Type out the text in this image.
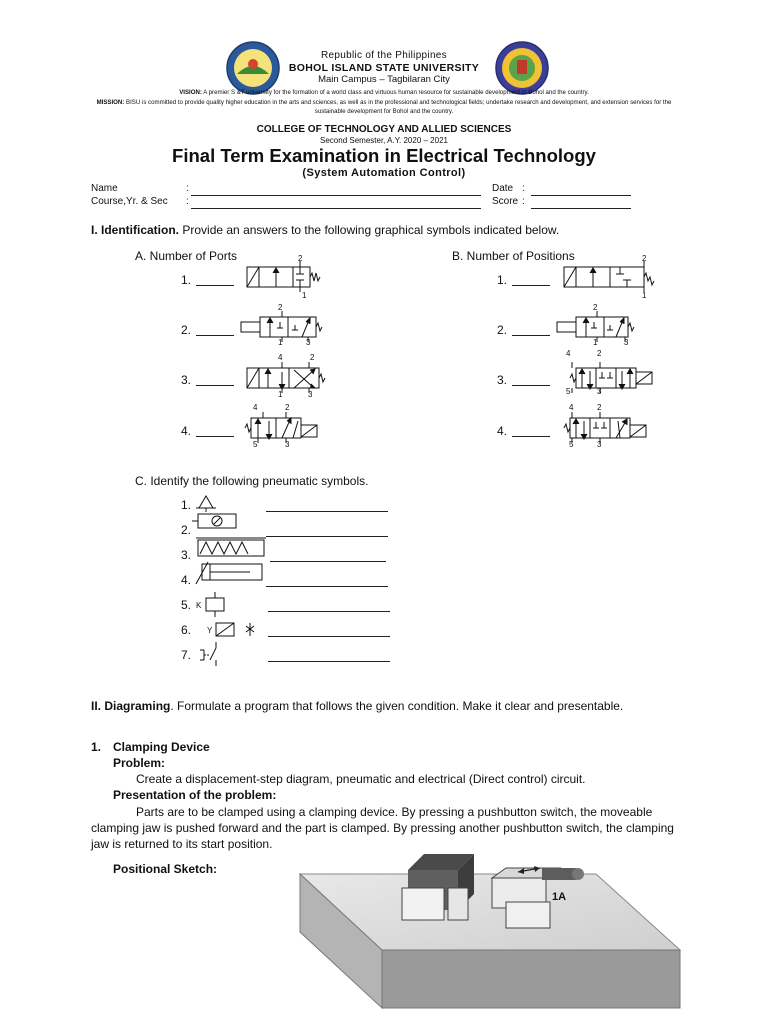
Republic of the Philippines
BOHOL ISLAND STATE UNIVERSITY
Main Campus – Tagbilaran City
VISION: A premier S &T university for the formation of a world class and virtuous human resource for sustainable development in Bohol and the country.
MISSION: BISU is committed to provide quality higher education in the arts and sciences, as well as in the professional and technological fields; undertake research and development, and extension services for the sustainable development for Bohol and the country.
COLLEGE OF TECHNOLOGY AND ALLIED SCIENCES
Second Semester, A.Y. 2020 – 2021
Final Term Examination in Electrical Technology
(System Automation Control)
Name	:
Course,Yr. & Sec :
Date :
Score :
I. Identification. Provide an answers to the following graphical symbols indicated below.
A. Number of Ports	B. Number of Positions
1.
2.
3.
4.
1.
2.
3.
4.
2
1
2
1	3
4	2
1	3
4	2
5	3
2
1
2
1	3
4	2
5	3
4	2
5	3
C. Identify the following pneumatic symbols.
1.
2.
3.
4.
5.
6.
7.
K
Y
II. Diagraming. Formulate a program that follows the given condition. Make it clear and presentable.
1. Clamping Device
Problem:
Create a displacement-step diagram, pneumatic and electrical (Direct control) circuit.
Presentation of the problem:
Parts are to be clamped using a clamping device. By pressing a pushbutton switch, the moveable clamping jaw is pushed forward and the part is clamped. By pressing another pushbutton switch, the clamping jaw is returned to its start position.
Positional Sketch:
1A
